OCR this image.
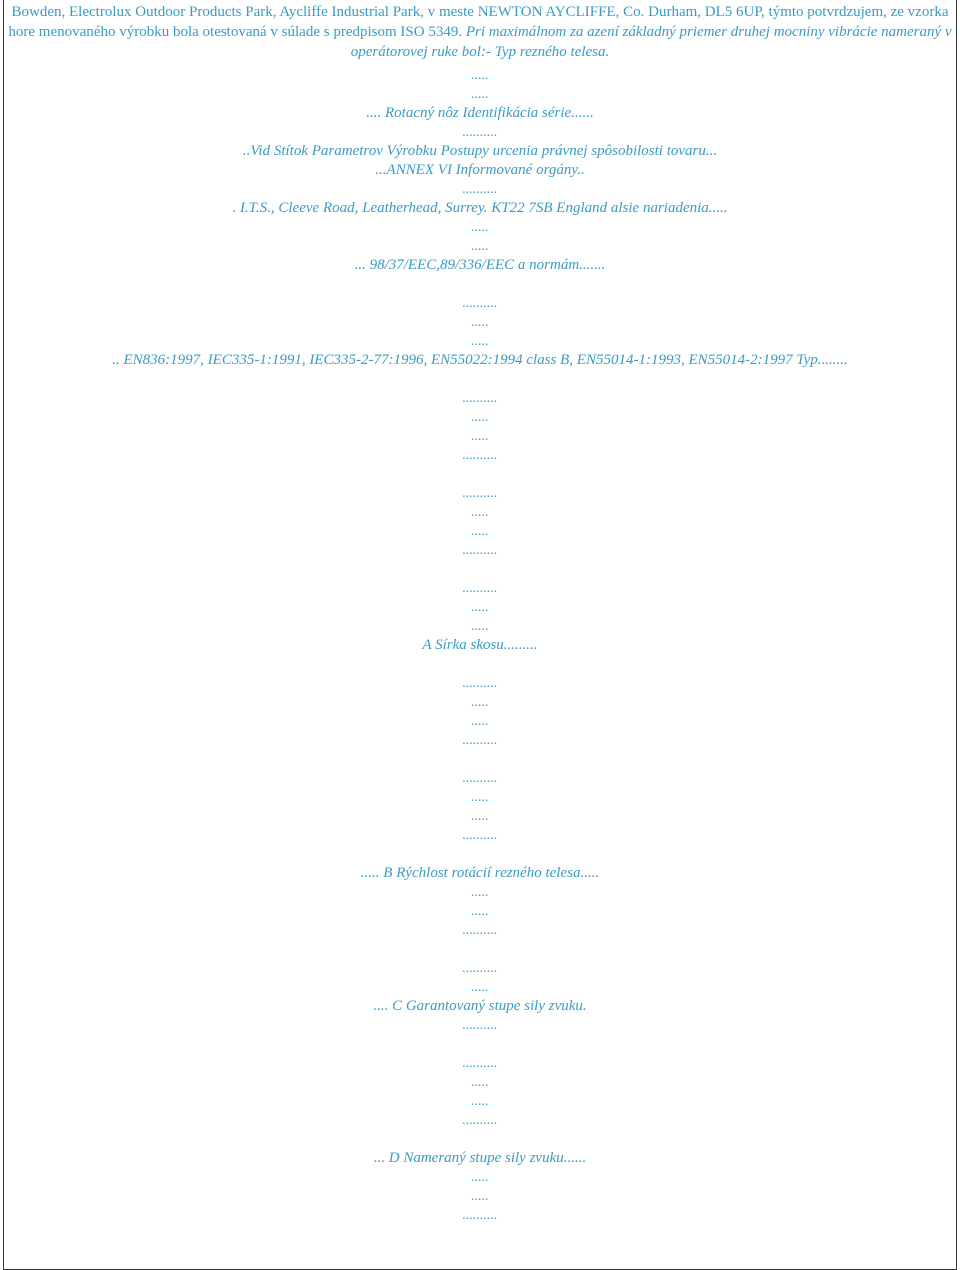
Bowden, Electrolux Outdoor Products Park, Aycliffe Industrial Park, v meste NEWTON AYCLIFFE, Co. Durham, DL5 6UP, týmto potvrdzujem, ze vzorka hore menovaného výrobku bola otestovaná v súlade s predpisom ISO 5349. Pri maximálnom za azení základný priemer druhej mocniny vibrácie nameraný v operátorovej ruke bol:- Typ rezného telesa.
.....
.....
.... Rotacný nôz Identifikácia série......
..........
..Vid Stítok Parametrov Výrobku Postupy urcenia právnej spôsobilosti tovaru...
...ANNEX VI Informované orgány..
..........
. I.T.S., Cleeve Road, Leatherhead, Surrey. KT22 7SB England alsie nariadenia.....
.....
.....
... 98/37/EEC,89/336/EEC a normám.......
..........
.....
.....
.. EN836:1997, IEC335-1:1991, IEC335-2-77:1996, EN55022:1994 class B, EN55014-1:1993, EN55014-2:1997 Typ........
..........
.....
.....
..........
..........
.....
.....
..........
..........
.....
.....
A Sírka skosu.........
..........
.....
.....
..........
..........
.....
.....
..........
..... B Rýchlost rotácií rezného telesa.....
.....
.....
..........
..........
.....
.... C Garantovaný stupe sily zvuku.
..........
..........
.....
.....
..........
... D Nameraný stupe sily zvuku......
.....
.....
..........
